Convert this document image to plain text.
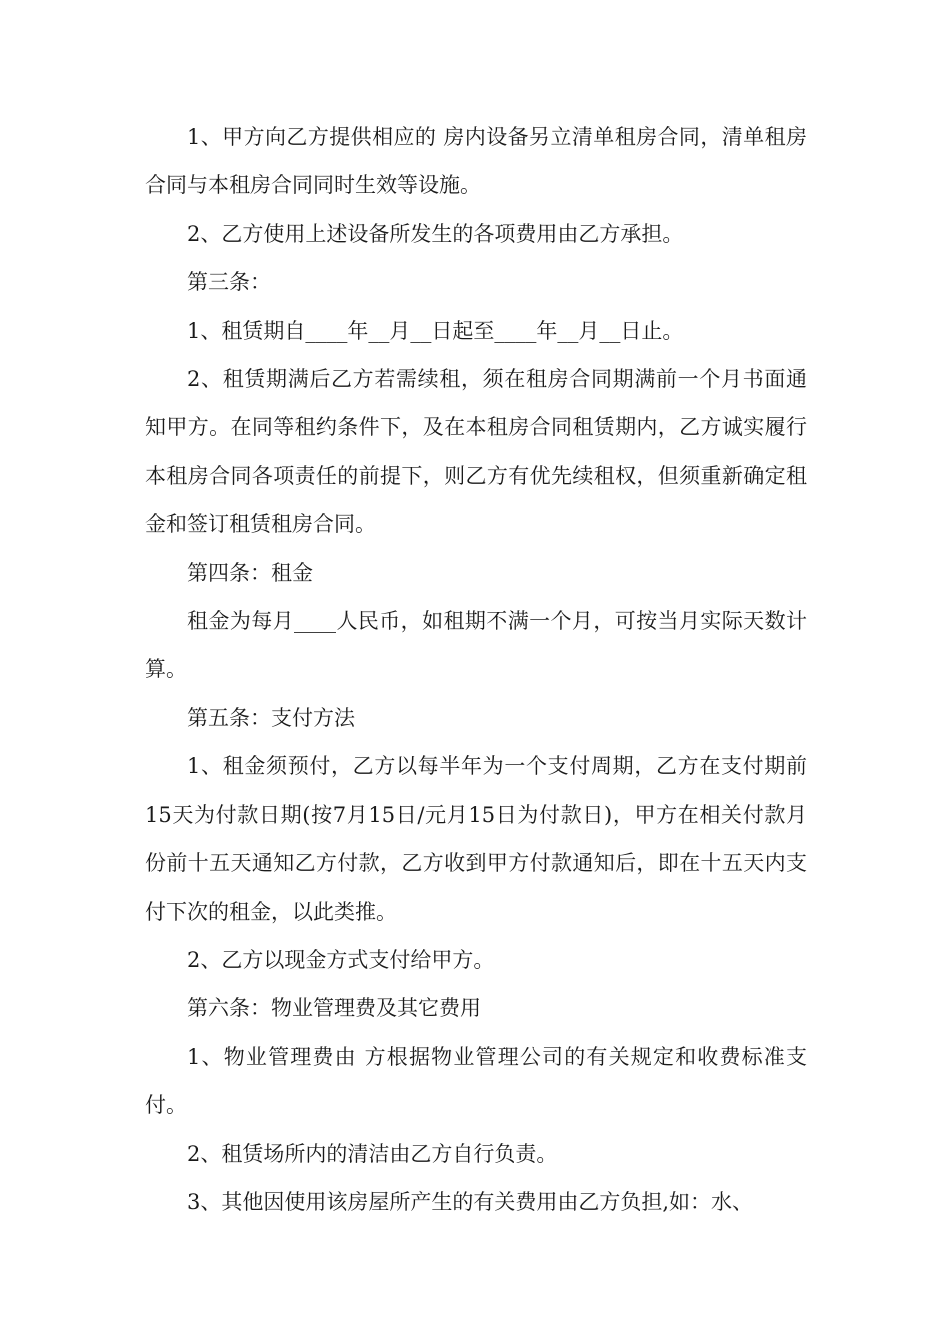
1、甲方向乙方提供相应的 房内设备另立清单租房合同，清单租房合同与本租房合同同时生效等设施。

2、乙方使用上述设备所发生的各项费用由乙方承担。

第三条：

1、租赁期自____年__月__日起至____年__月__日止。

2、租赁期满后乙方若需续租，须在租房合同期满前一个月书面通知甲方。在同等租约条件下，及在本租房合同租赁期内，乙方诚实履行本租房合同各项责任的前提下，则乙方有优先续租权，但须重新确定租金和签订租赁租房合同。

第四条：租金

租金为每月____人民币，如租期不满一个月，可按当月实际天数计算。

第五条：支付方法

1、租金须预付，乙方以每半年为一个支付周期，乙方在支付期前15天为付款日期(按7月15日/元月15日为付款日)，甲方在相关付款月份前十五天通知乙方付款，乙方收到甲方付款通知后，即在十五天内支付下次的租金，以此类推。

2、乙方以现金方式支付给甲方。

第六条：物业管理费及其它费用

1、物业管理费由 方根据物业管理公司的有关规定和收费标准支付。

2、租赁场所内的清洁由乙方自行负责。

3、其他因使用该房屋所产生的有关费用由乙方负担,如：水、
